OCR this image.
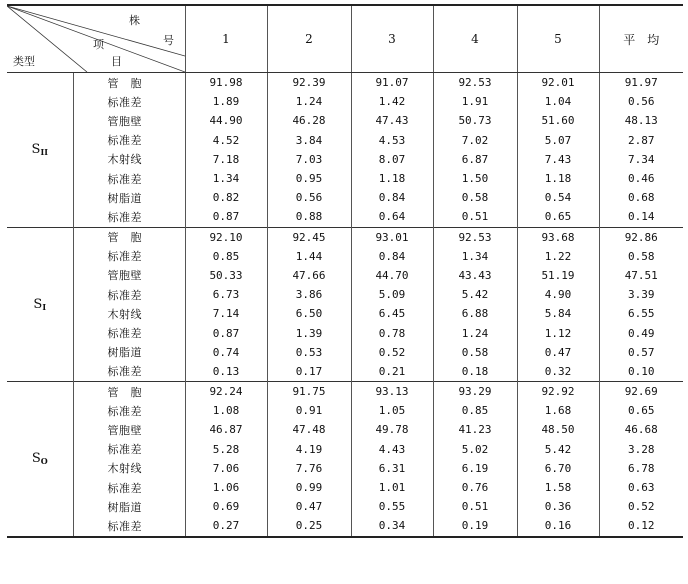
株
号
项
目
类型		1	2	3	4	5	平　均
$S_{II}$	管　胞	91.98	92.39	91.07	92.53	92.01	91.97
	标准差	1.89	1.24	1.42	1.91	1.04	0.56
	管胞壁	44.90	46.28	47.43	50.73	51.60	48.13
	标准差	4.52	3.84	4.53	7.02	5.07	2.87
	木射线	7.18	7.03	8.07	6.87	7.43	7.34
	标准差	1.34	0.95	1.18	1.50	1.18	0.46
	树脂道	0.82	0.56	0.84	0.58	0.54	0.68
	标准差	0.87	0.88	0.64	0.51	0.65	0.14
$S_I$	管　胞	92.10	92.45	93.01	92.53	93.68	92.86
	标准差	0.85	1.44	0.84	1.34	1.22	0.58
	管胞壁	50.33	47.66	44.70	43.43	51.19	47.51
	标准差	6.73	3.86	5.09	5.42	4.90	3.39
	木射线	7.14	6.50	6.45	6.88	5.84	6.55
	标准差	0.87	1.39	0.78	1.24	1.12	0.49
	树脂道	0.74	0.53	0.52	0.58	0.47	0.57
	标准差	0.13	0.17	0.21	0.18	0.32	0.10
$S_O$	管　胞	92.24	91.75	93.13	93.29	92.92	92.69
	标准差	1.08	0.91	1.05	0.85	1.68	0.65
	管胞壁	46.87	47.48	49.78	41.23	48.50	46.68
	标准差	5.28	4.19	4.43	5.02	5.42	3.28
	木射线	7.06	7.76	6.31	6.19	6.70	6.78
	标准差	1.06	0.99	1.01	0.76	1.58	0.63
	树脂道	0.69	0.47	0.55	0.51	0.36	0.52
	标准差	0.27	0.25	0.34	0.19	0.16	0.12
